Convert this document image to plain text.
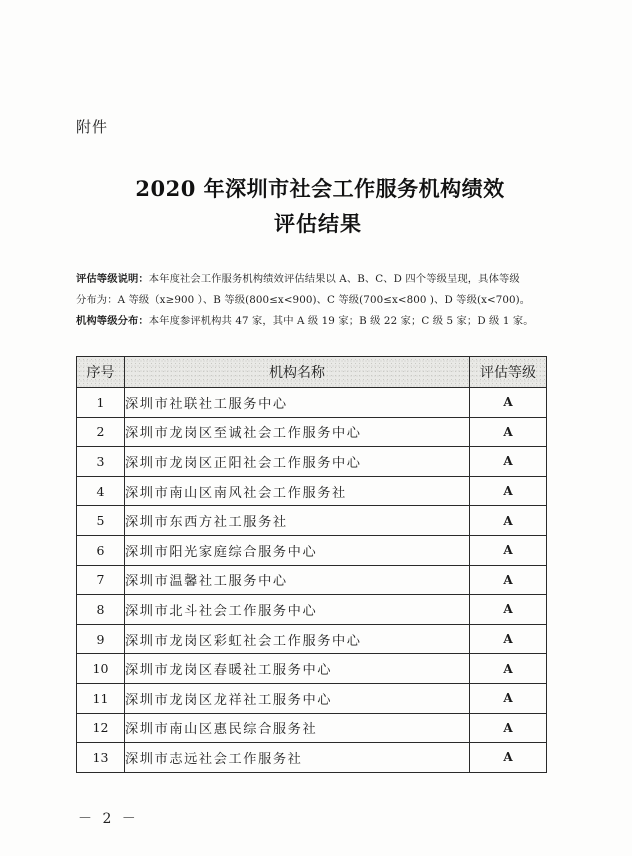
附件
2020 年深圳市社会工作服务机构绩效
评估结果
评估等级说明：本年度社会工作服务机构绩效评估结果以 A、B、C、D 四个等级呈现，具体等级
分布为：A 等级（x≥900 ）、B 等级(800≤x<900)、C 等级(700≤x<800 )、D 等级(x<700)。
机构等级分布：本年度参评机构共 47 家，其中 A 级 19 家；B 级 22 家；C 级 5 家；D 级 1 家。
序号	机构名称	评估等级
1	深圳市社联社工服务中心	A
2	深圳市龙岗区至诚社会工作服务中心	A
3	深圳市龙岗区正阳社会工作服务中心	A
4	深圳市南山区南风社会工作服务社	A
5	深圳市东西方社工服务社	A
6	深圳市阳光家庭综合服务中心	A
7	深圳市温馨社工服务中心	A
8	深圳市北斗社会工作服务中心	A
9	深圳市龙岗区彩虹社会工作服务中心	A
10	深圳市龙岗区春暖社工服务中心	A
11	深圳市龙岗区龙祥社工服务中心	A
12	深圳市南山区惠民综合服务社	A
13	深圳市志远社会工作服务社	A
－ 2 －
